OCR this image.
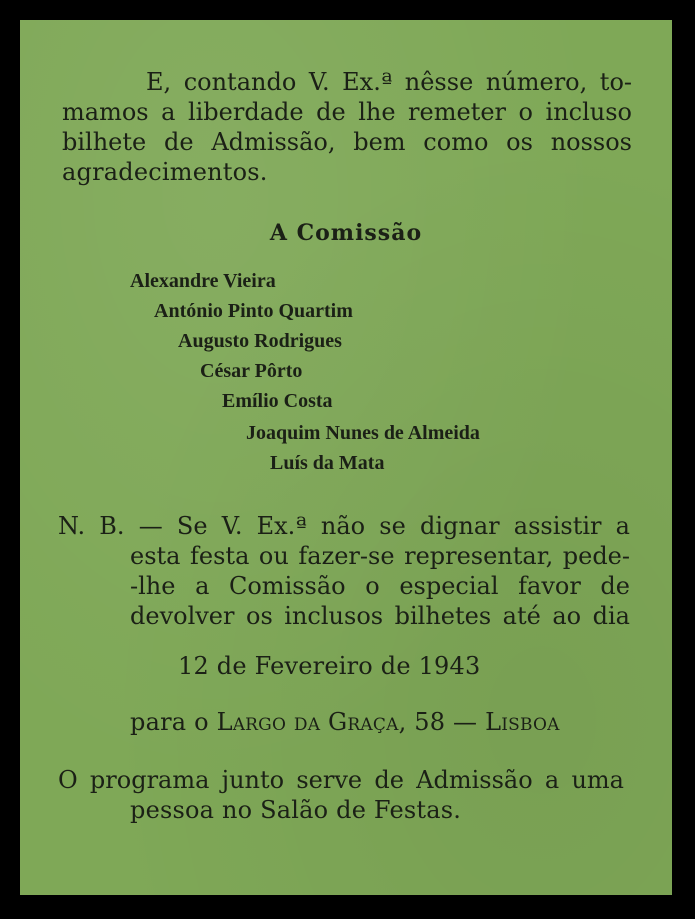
E, contando V. Ex.ª nêsse número, to-
mamos a liberdade de lhe remeter o incluso
bilhete de Admissão, bem como os nossos
agradecimentos.
A Comissão
Alexandre Vieira
António Pinto Quartim
Augusto Rodrigues
César Pôrto
Emílio Costa
Joaquim Nunes de Almeida
Luís da Mata
N. B. — Se V. Ex.ª não se dignar assistir a
esta festa ou fazer-se representar, pede-
-lhe a Comissão o especial favor de
devolver os inclusos bilhetes até ao dia
12 de Fevereiro de 1943
para o Largo da Graça, 58 — Lisboa
O programa junto serve de Admissão a uma
pessoa no Salão de Festas.
